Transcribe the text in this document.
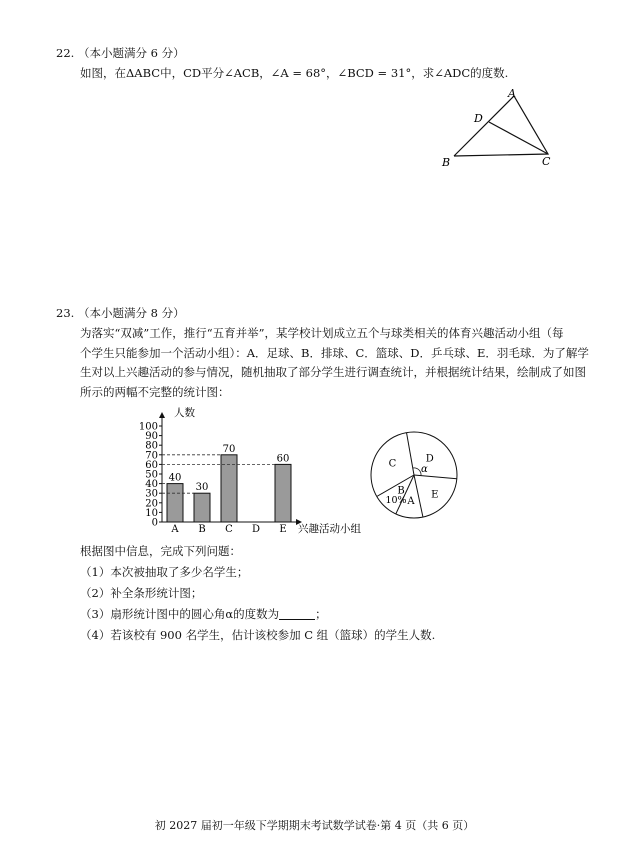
22. （本小题满分 6 分）
如图，在ΔABC中，CD平分∠ACB，∠A = 68°，∠BCD = 31°，求∠ADC的度数.
A
D
B	C
23. （本小题满分 8 分）
为落实“双减”工作，推行“五育并举”，某学校计划成立五个与球类相关的体育兴趣活动小组（每
个学生只能参加一个活动小组）：A．足球、B．排球、C．篮球、D．乒乓球、E．羽毛球．为了解学
生对以上兴趣活动的参与情况，随机抽取了部分学生进行调查统计，并根据统计结果，绘制成了如图
所示的两幅不完整的统计图：
人数
兴趣活动小组
0
10
20
30
40
50
60
70
80
90
100
A
40
B
30
C
70
D E
60	C	D
E
A
B
10%
α
根据图中信息，完成下列问题：
（1）本次被抽取了多少名学生；
（2）补全条形统计图；
（3）扇形统计图中的圆心角α的度数为	；
（4）若该校有 900 名学生，估计该校参加 C 组（篮球）的学生人数.
初 2027 届初一年级下学期期末考试数学试卷·第 4 页（共 6 页）
